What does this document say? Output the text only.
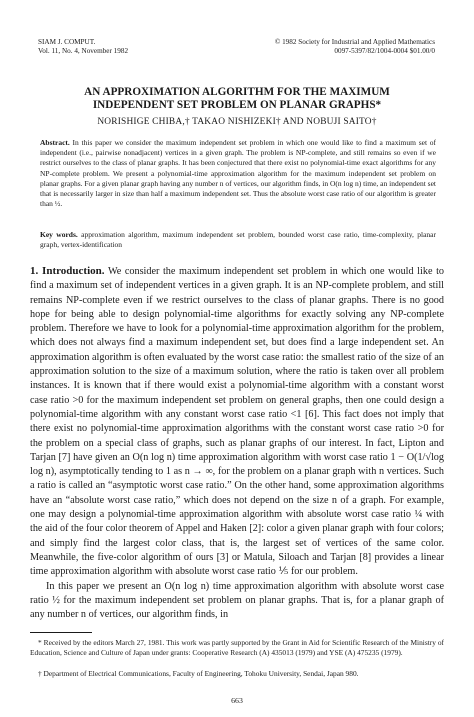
SIAM J. COMPUT.
Vol. 11, No. 4, November 1982
© 1982 Society for Industrial and Applied Mathematics
0097-5397/82/1004-0004 $01.00/0
AN APPROXIMATION ALGORITHM FOR THE MAXIMUM
INDEPENDENT SET PROBLEM ON PLANAR GRAPHS*
NORISHIGE CHIBA,† TAKAO NISHIZEKI† AND NOBUJI SAITO†
Abstract. In this paper we consider the maximum independent set problem in which one would like to find a maximum set of independent (i.e., pairwise nonadjacent) vertices in a given graph. The problem is NP-complete, and still remains so even if we restrict ourselves to the class of planar graphs. It has been conjectured that there exist no polynomial-time exact algorithms for any NP-complete problem. We present a polynomial-time approximation algorithm for the maximum independent set problem on planar graphs. For a given planar graph having any number n of vertices, our algorithm finds, in O(n log n) time, an independent set that is necessarily larger in size than half a maximum independent set. Thus the absolute worst case ratio of our algorithm is greater than ½.
Key words. approximation algorithm, maximum independent set problem, bounded worst case ratio, time-complexity, planar graph, vertex-identification

1. Introduction. We consider the maximum independent set problem in which one would like to find a maximum set of independent vertices in a given graph. It is an NP-complete problem, and still remains NP-complete even if we restrict ourselves to the class of planar graphs. There is no good hope for being able to design polynomial-time algorithms for exactly solving any NP-complete problem. Therefore we have to look for a polynomial-time approximation algorithm for the problem, which does not always find a maximum independent set, but does find a large independent set. An approximation algorithm is often evaluated by the worst case ratio: the smallest ratio of the size of an approximation solution to the size of a maximum solution, where the ratio is taken over all problem instances. It is known that if there would exist a polynomial-time algorithm with a constant worst case ratio >0 for the maximum independent set problem on general graphs, then one could design a polynomial-time algorithm with any constant worst case ratio <1 [6]. This fact does not imply that there exist no polynomial-time approximation algorithms with the constant worst case ratio >0 for the problem on a special class of graphs, such as planar graphs of our interest. In fact, Lipton and Tarjan [7] have given an O(n log n) time approximation algorithm with worst case ratio 1 − O(1/√log log n), asymptotically tending to 1 as n → ∞, for the problem on a planar graph with n vertices. Such a ratio is called an “asymptotic worst case ratio.” On the other hand, some approximation algorithms have an “absolute worst case ratio,” which does not depend on the size n of a graph. For example, one may design a polynomial-time approximation algorithm with absolute worst case ratio ¼ with the aid of the four color theorem of Appel and Haken [2]: color a given planar graph with four colors; and simply find the largest color class, that is, the largest set of vertices of the same color. Meanwhile, the five-color algorithm of ours [3] or Matula, Siloach and Tarjan [8] provides a linear time approximation algorithm with absolute worst case ratio ⅕ for our problem.

In this paper we present an O(n log n) time approximation algorithm with absolute worst case ratio ½ for the maximum independent set problem on planar graphs. That is, for a planar graph of any number n of vertices, our algorithm finds, in

* Received by the editors March 27, 1981. This work was partly supported by the Grant in Aid for Scientific Research of the Ministry of Education, Science and Culture of Japan under grants: Cooperative Research (A) 435013 (1979) and YSE (A) 475235 (1979).
† Department of Electrical Communications, Faculty of Engineering, Tohoku University, Sendai, Japan 980.
663
